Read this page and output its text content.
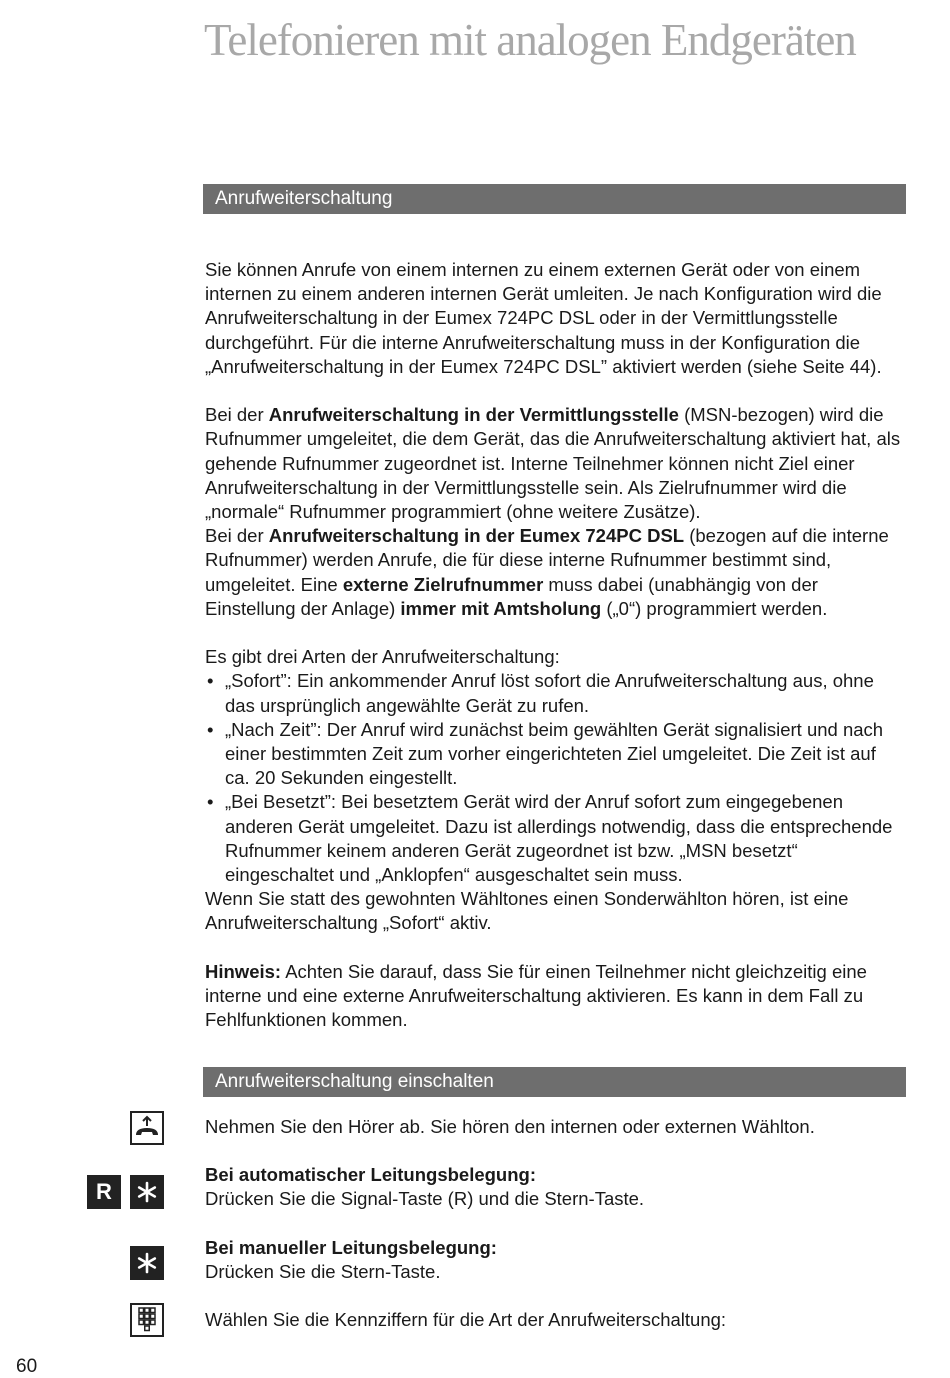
Telefonieren mit analogen Endgeräten
Anrufweiterschaltung

Sie können Anrufe von einem internen zu einem externen Gerät oder von einem internen zu einem anderen internen Gerät umleiten. Je nach Konfiguration wird die Anrufweiterschaltung in der Eumex 724PC DSL oder in der Vermittlungsstelle durchgeführt. Für die interne Anrufweiterschaltung muss in der Konfiguration die „Anrufweiterschaltung in der Eumex 724PC DSL” aktiviert werden (siehe Seite 44).

Bei der Anrufweiterschaltung in der Vermittlungsstelle (MSN-bezogen) wird die Rufnummer umgeleitet, die dem Gerät, das die Anrufweiterschaltung aktiviert hat, als gehende Rufnummer zugeordnet ist. Interne Teilnehmer können nicht Ziel einer Anrufweiterschaltung in der Vermittlungsstelle sein. Als Zielrufnummer wird die „normale“ Rufnummer programmiert (ohne weitere Zusätze).

Bei der Anrufweiterschaltung in der Eumex 724PC DSL (bezogen auf die interne Rufnummer) werden Anrufe, die für diese interne Rufnummer bestimmt sind, umgeleitet. Eine externe Zielrufnummer muss dabei (unabhängig von der Einstellung der Anlage) immer mit Amtsholung („0“) programmiert werden.

Es gibt drei Arten der Anrufweiterschaltung:

• „Sofort”: Ein ankommender Anruf löst sofort die Anrufweiterschaltung aus, ohne das ursprünglich angewählte Gerät zu rufen.
• „Nach Zeit”: Der Anruf wird zunächst beim gewählten Gerät signalisiert und nach einer bestimmten Zeit zum vorher eingerichteten Ziel umgeleitet. Die Zeit ist auf ca. 20 Sekunden eingestellt.
• „Bei Besetzt”: Bei besetztem Gerät wird der Anruf sofort zum eingegebenen anderen Gerät umgeleitet. Dazu ist allerdings notwendig, dass die entsprechende Rufnummer keinem anderen Gerät zugeordnet ist bzw. „MSN besetzt“ eingeschaltet und „Anklopfen“ ausgeschaltet sein muss.

Wenn Sie statt des gewohnten Wähltones einen Sonderwählton hören, ist eine Anrufweiterschaltung „Sofort“ aktiv.

Hinweis: Achten Sie darauf, dass Sie für einen Teilnehmer nicht gleichzeitig eine interne und eine externe Anrufweiterschaltung aktivieren. Es kann in dem Fall zu Fehlfunktionen kommen.

Anrufweiterschaltung einschalten
Nehmen Sie den Hörer ab. Sie hören den internen oder externen Wählton.
R
Bei automatischer Leitungsbelegung:
Drücken Sie die Signal-Taste (R) und die Stern-Taste.
Bei manueller Leitungsbelegung:
Drücken Sie die Stern-Taste.
Wählen Sie die Kennziffern für die Art der Anrufweiterschaltung:
60
